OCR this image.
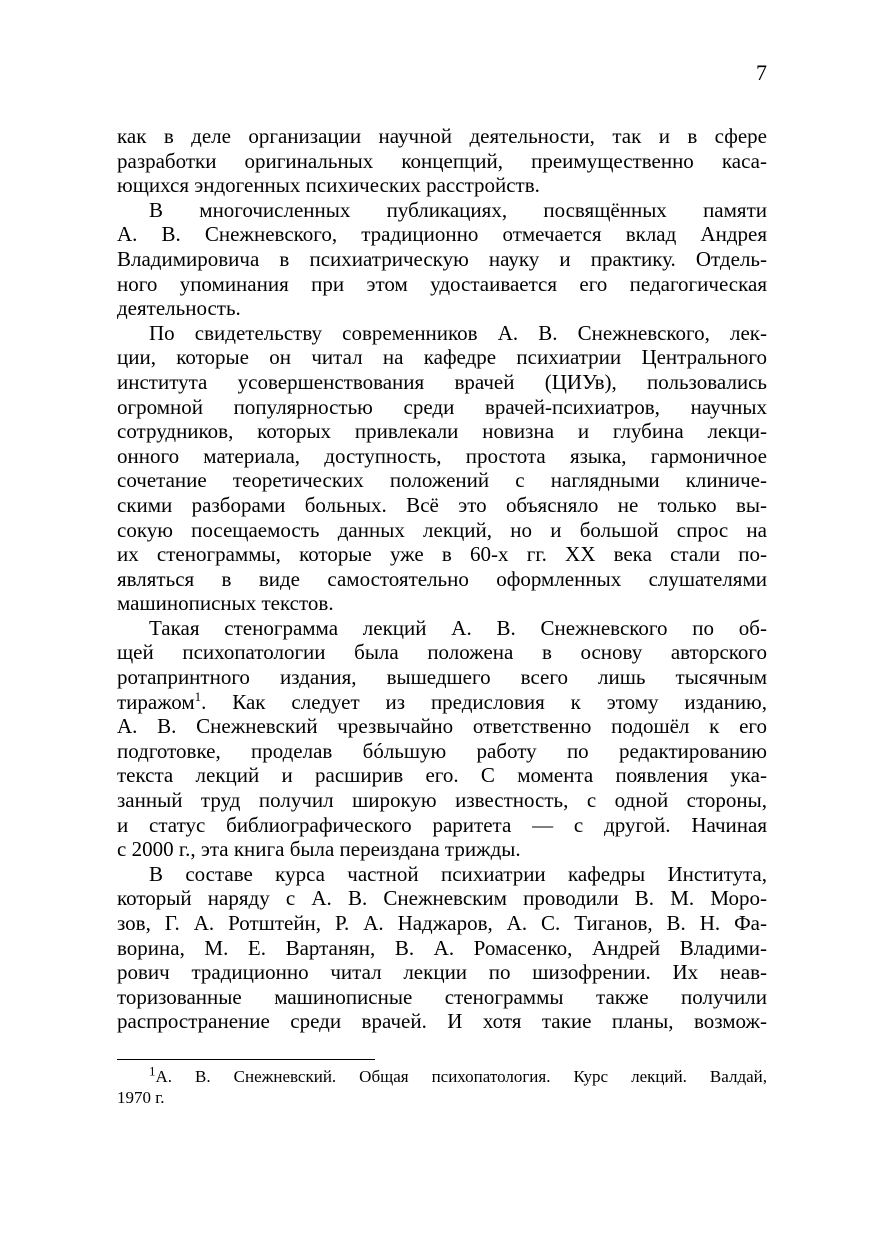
7
как в деле организации научной деятельности, так и в сфере
разработки оригинальных концепций, преимущественно каса-
ющихся эндогенных психических расстройств.
В многочисленных публикациях, посвящённых памяти
А. В. Снежневского, традиционно отмечается вклад Андрея
Владимировича в психиатрическую науку и практику. Отдель-
ного упоминания при этом удостаивается его педагогическая
деятельность.
По свидетельству современников А. В. Снежневского, лек-
ции, которые он читал на кафедре психиатрии Центрального
института усовершенствования врачей (ЦИУв), пользовались
огромной популярностью среди врачей-психиатров, научных
сотрудников, которых привлекали новизна и глубина лекци-
онного материала, доступность, простота языка, гармоничное
сочетание теоретических положений с наглядными клиниче-
скими разборами больных. Всё это объясняло не только вы-
сокую посещаемость данных лекций, но и большой спрос на
их стенограммы, которые уже в 60-х гг. XX века стали по-
являться в виде самостоятельно оформленных слушателями
машинописных текстов.
Такая стенограмма лекций А. В. Снежневского по об-
щей психопатологии была положена в основу авторского
ротапринтного издания, вышедшего всего лишь тысячным
тиражом$^1$. Как следует из предисловия к этому изданию,
А. В. Снежневский чрезвычайно ответственно подошёл к его
подготовке, проделав бóльшую работу по редактированию
текста лекций и расширив его. С момента появления ука-
занный труд получил широкую известность, с одной стороны,
и статус библиографического раритета — с другой. Начиная
с 2000 г., эта книга была переиздана трижды.
В составе курса частной психиатрии кафедры Института,
который наряду с А. В. Снежневским проводили В. М. Моро-
зов, Г. А. Ротштейн, Р. А. Наджаров, А. С. Тиганов, В. Н. Фа-
ворина, М. Е. Вартанян, В. А. Ромасенко, Андрей Владими-
рович традиционно читал лекции по шизофрении. Их неав-
торизованные машинописные стенограммы также получили
распространение среди врачей. И хотя такие планы, возмож-
$^1$А. В. Снежневский. Общая психопатология. Курс лекций. Валдай,
1970 г.
